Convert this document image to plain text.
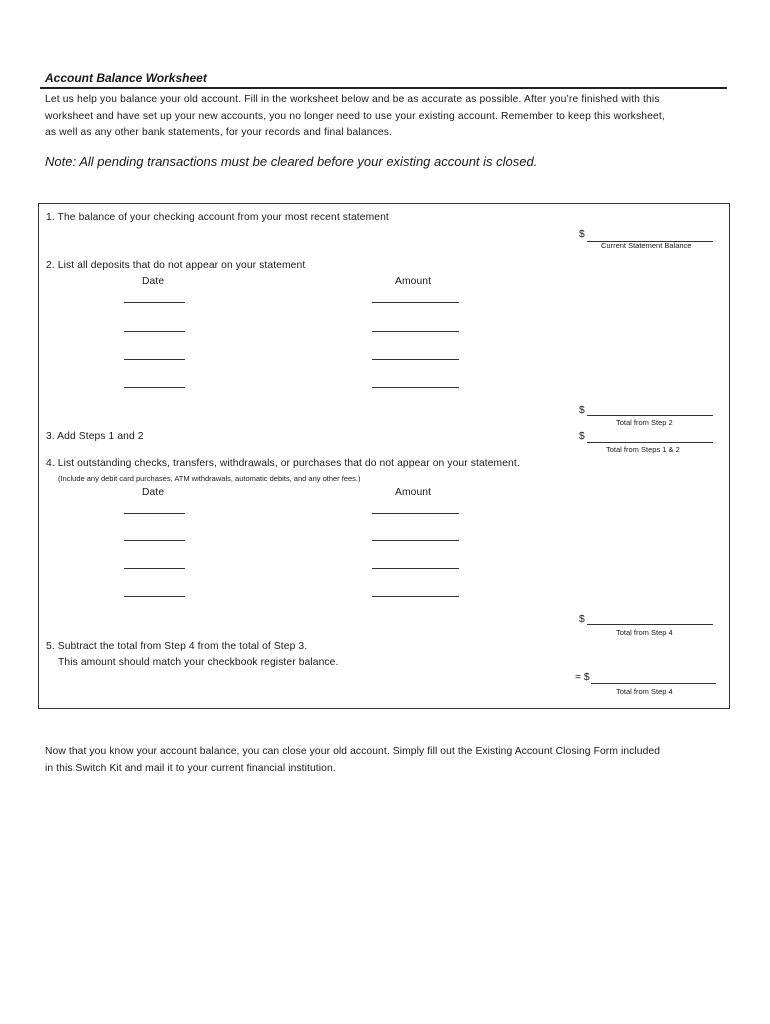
Account Balance Worksheet
Let us help you balance your old account. Fill in the worksheet below and be as accurate as possible. After you’re finished with this
worksheet and have set up your new accounts, you no longer need to use your existing account. Remember to keep this worksheet,
as well as any other bank statements, for your records and final balances.
Note: All pending transactions must be cleared before your existing account is closed.
1. The balance of your checking account from your most recent statement
$
Current Statement Balance
2. List all deposits that do not appear on your statement
Date	Amount
$
Total from Step 2
3. Add Steps 1 and 2	$
Total from Steps 1 & 2
4. List outstanding checks, transfers, withdrawals, or purchases that do not appear on your statement.
(Include any debit card purchases, ATM withdrawals, automatic debits, and any other fees.)
Date	Amount
$
Total from Step 4
5. Subtract the total from Step 4 from the total of Step 3.
This amount should match your checkbook register balance.
= $
Total from Step 4
Now that you know your account balance, you can close your old account. Simply fill out the Existing Account Closing Form included
in this Switch Kit and mail it to your current financial institution.
